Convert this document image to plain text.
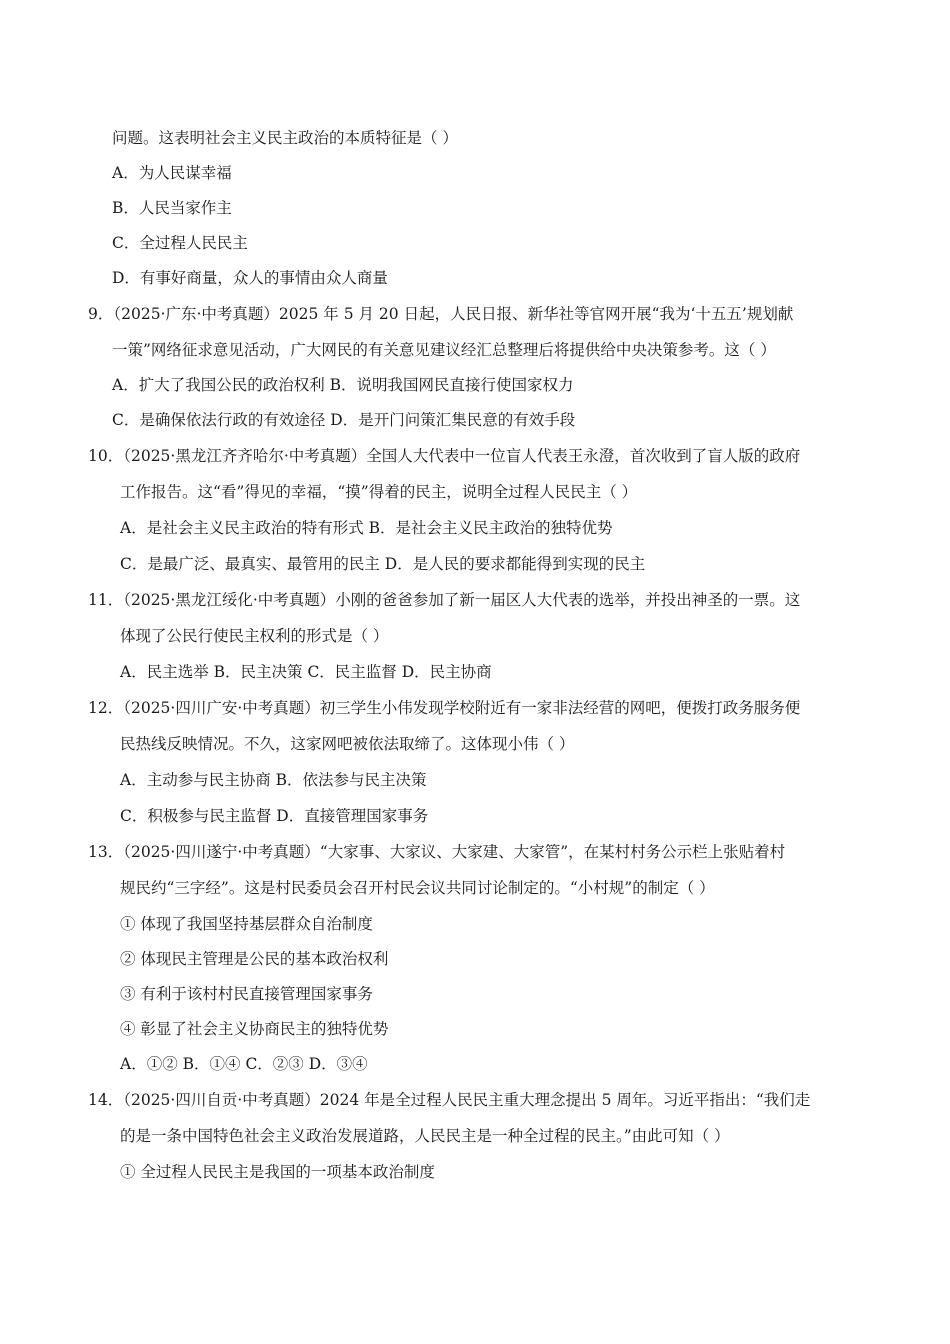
问题。这表明社会主义民主政治的本质特征是（ ）
A．为人民谋幸福
B．人民当家作主
C．全过程人民民主
D．有事好商量，众人的事情由众人商量
9．（2025·广东·中考真题）2025 年 5 月 20 日起，人民日报、新华社等官网开展“我为‘十五五’规划献
一策”网络征求意见活动，广大网民的有关意见建议经汇总整理后将提供给中央决策参考。这（ ）
A．扩大了我国公民的政治权利 B．说明我国网民直接行使国家权力
C．是确保依法行政的有效途径 D．是开门问策汇集民意的有效手段
10．（2025·黑龙江齐齐哈尔·中考真题）全国人大代表中一位盲人代表王永澄，首次收到了盲人版的政府
工作报告。这“看”得见的幸福，“摸”得着的民主，说明全过程人民民主（ ）
A．是社会主义民主政治的特有形式 B．是社会主义民主政治的独特优势
C．是最广泛、最真实、最管用的民主 D．是人民的要求都能得到实现的民主
11．（2025·黑龙江绥化·中考真题）小刚的爸爸参加了新一届区人大代表的选举，并投出神圣的一票。这
体现了公民行使民主权利的形式是（ ）
A．民主选举 B．民主决策 C．民主监督 D．民主协商
12．（2025·四川广安·中考真题）初三学生小伟发现学校附近有一家非法经营的网吧，便拨打政务服务便
民热线反映情况。不久，这家网吧被依法取缔了。这体现小伟（ ）
A．主动参与民主协商 B．依法参与民主决策
C．积极参与民主监督 D．直接管理国家事务
13．（2025·四川遂宁·中考真题）“大家事、大家议、大家建、大家管”，在某村村务公示栏上张贴着村
规民约“三字经”。这是村民委员会召开村民会议共同讨论制定的。“小村规”的制定（ ）
① 体现了我国坚持基层群众自治制度
② 体现民主管理是公民的基本政治权利
③ 有利于该村村民直接管理国家事务
④ 彰显了社会主义协商民主的独特优势
A．①② B．①④ C．②③ D．③④
14．（2025·四川自贡·中考真题）2024 年是全过程人民民主重大理念提出 5 周年。习近平指出：“我们走
的是一条中国特色社会主义政治发展道路，人民民主是一种全过程的民主。”由此可知（ ）
① 全过程人民民主是我国的一项基本政治制度
